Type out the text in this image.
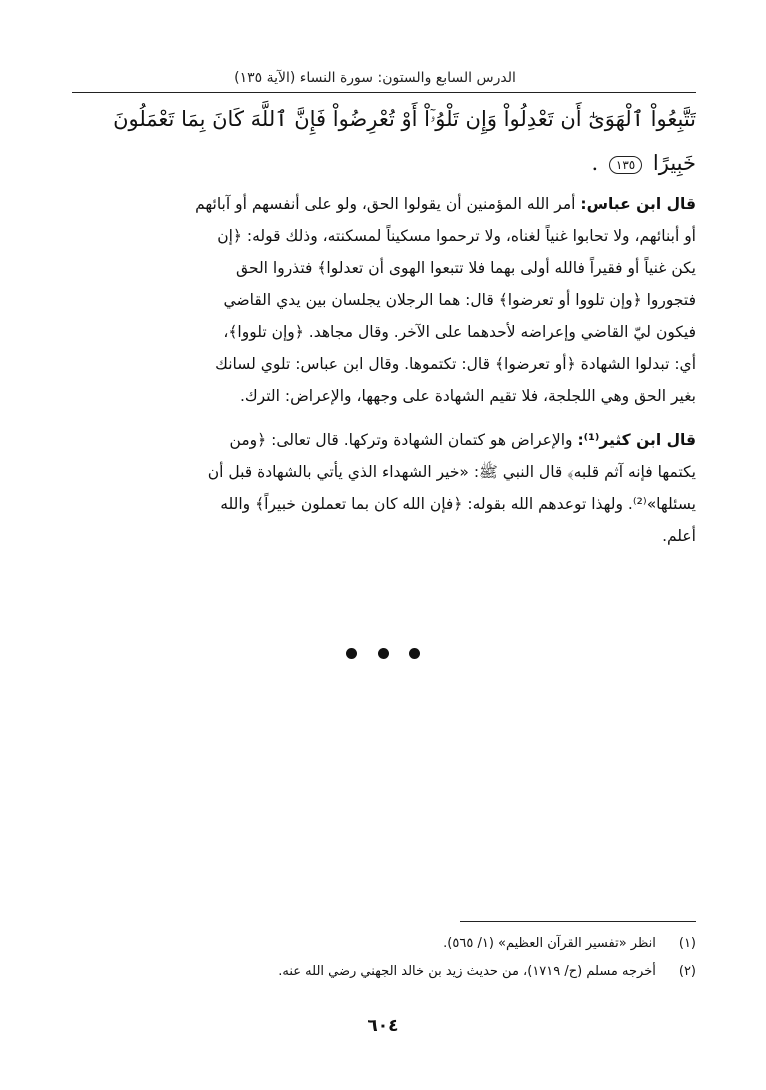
الدرس السابع والستون: سورة النساء (الآية ١٣٥)
تَتَّبِعُواْ ٱلْهَوَىٰٓ أَن تَعْدِلُواْ وَإِن تَلْوُۥٓاْ أَوْ تُعْرِضُواْ فَإِنَّ ٱللَّهَ كَانَ بِمَا تَعْمَلُونَ
خَبِيرًا ١٣٥ .
قال ابن عباس: أمر الله المؤمنين أن يقولوا الحق، ولو على أنفسهم أو آبائهم
أو أبنائهم، ولا تحابوا غنياً لغناه، ولا ترحموا مسكيناً لمسكنته، وذلك قوله: ﴿إن
يكن غنياً أو فقيراً فالله أولى بهما فلا تتبعوا الهوى أن تعدلوا﴾ فتذروا الحق
فتجوروا ﴿وإن تلووا أو تعرضوا﴾ قال: هما الرجلان يجلسان بين يدي القاضي
فيكون ليّ القاضي وإعراضه لأحدهما على الآخر. وقال مجاهد. ﴿وإن تلووا﴾،
أي: تبدلوا الشهادة ﴿أو تعرضوا﴾ قال: تكتموها. وقال ابن عباس: تلوي لسانك
بغير الحق وهي اللجلجة، فلا تقيم الشهادة على وجهها، والإعراض: الترك.
قال ابن كثير⁽¹⁾: والإعراض هو كتمان الشهادة وتركها. قال تعالى: ﴿ومن
يكتمها فإنه آثم قلبه﴾ قال النبي ﷺ: «خير الشهداء الذي يأتي بالشهادة قبل أن
يسئلها»⁽²⁾. ولهذا توعدهم الله بقوله: ﴿فإن الله كان بما تعملون خبيراً﴾ والله
أعلم.
(١) انظر «تفسير القرآن العظيم» (١/ ٥٦٥).
(٢) أخرجه مسلم (ح/ ١٧١٩)، من حديث زيد بن خالد الجهني رضي الله عنه.
٦٠٤
